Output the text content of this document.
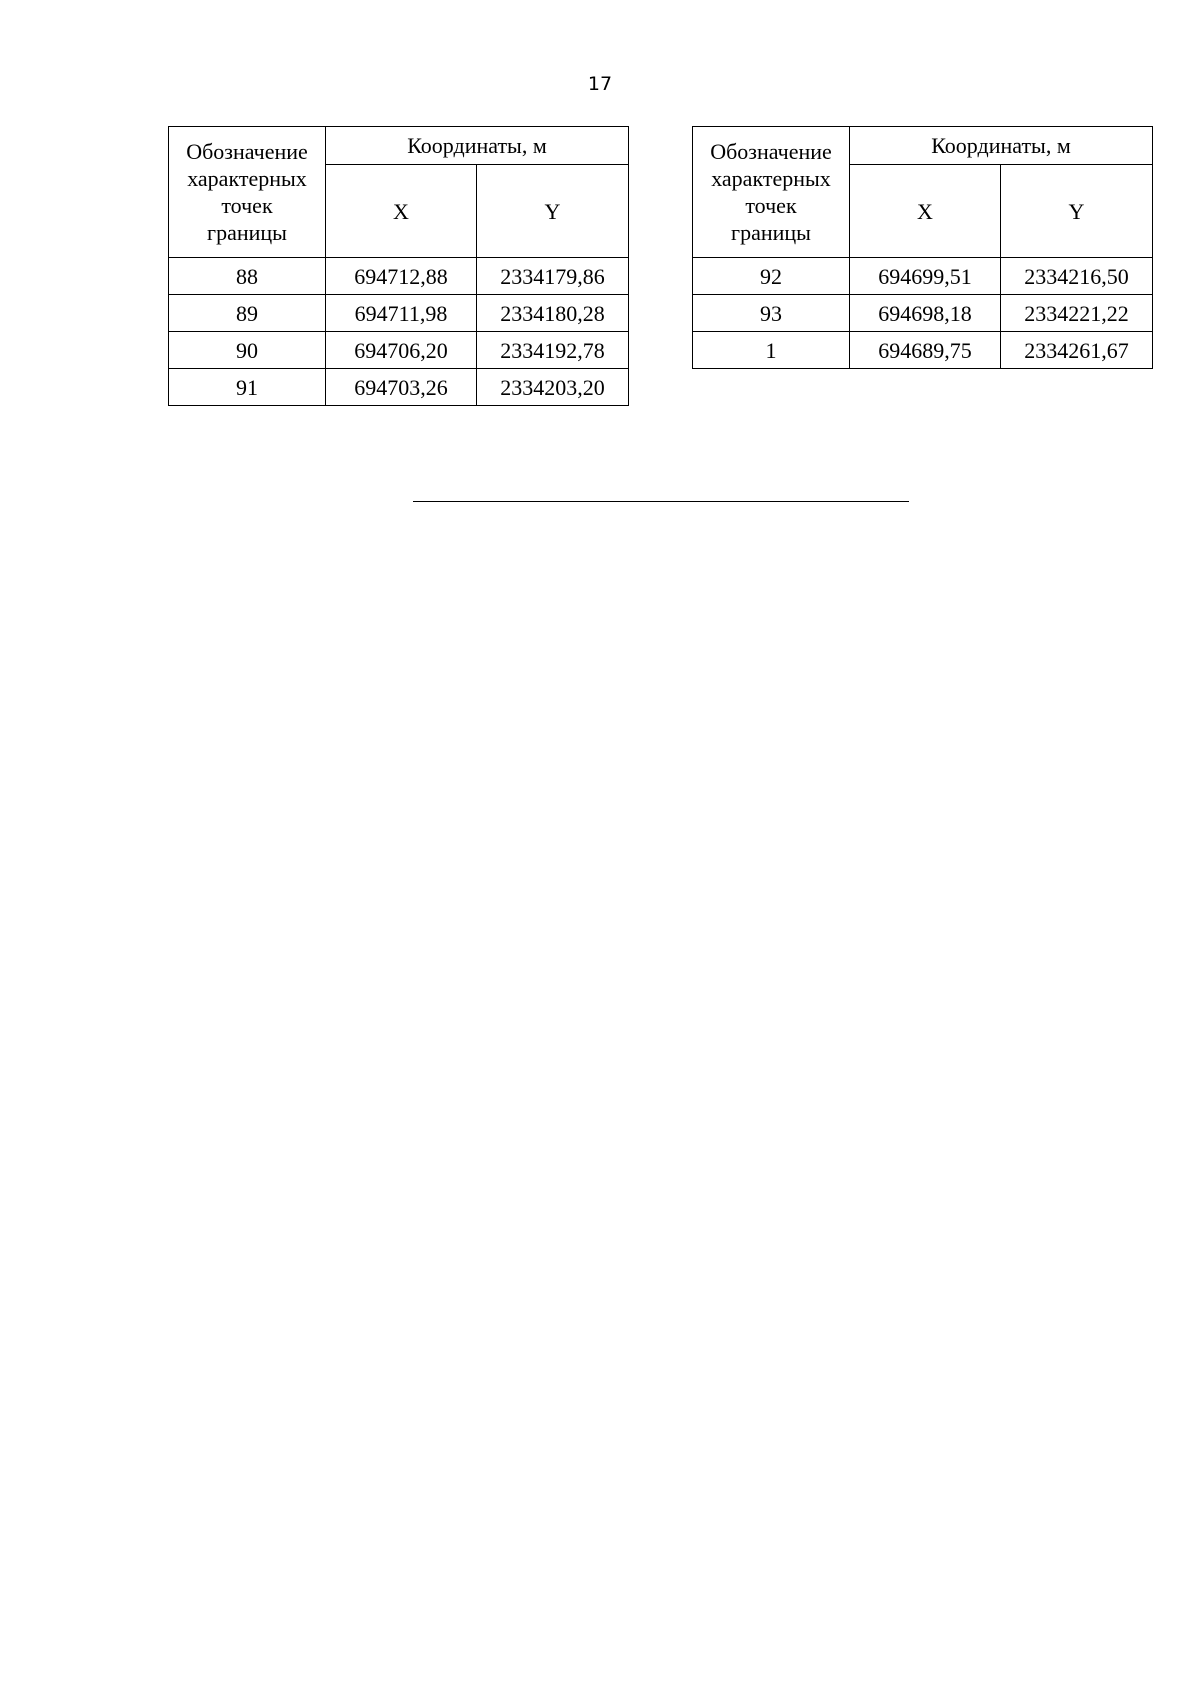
17
Обозначение
характерных
точек
границы	Координаты, м	
	X	Y
88	694712,88	2334179,86
89	694711,98	2334180,28
90	694706,20	2334192,78
91	694703,26	2334203,20
Обозначение
характерных
точек
границы	Координаты, м	
	X	Y
92	694699,51	2334216,50
93	694698,18	2334221,22
1	694689,75	2334261,67
